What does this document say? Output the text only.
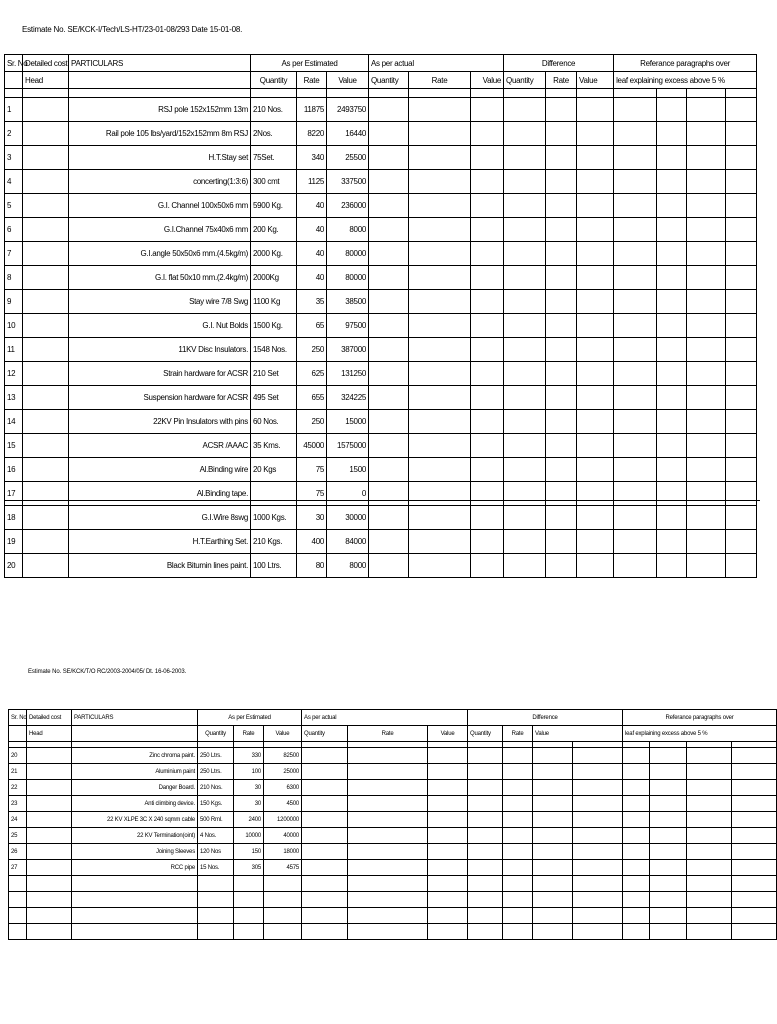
Estimate No. SE/KCK-I/Tech/LS-HT/23-01-08/293 Date 15-01-08.
Sr. No	Detailed cost	PARTICULARS	As per Estimated			As per actual			Difference			Referance paragraphs over			
	Head		Quantity	Rate	Value	Quantity	Rate	Value	Quantity	Rate	Value	leaf explaining excess above 5 %			

1		RSJ pole 152x152mm 13m	210 Nos.	11875	2493750										
2		Rail pole 105 lbs/yard/152x152mm 8m RSJ	2Nos.	8220	16440										
3		H.T.Stay set	75Set.	340	25500										
4		concerting(1:3:6)	300 cmt	1125	337500										
5		G.I. Channel 100x50x6 mm	5900 Kg.	40	236000										
6		G.I.Channel 75x40x6 mm	200 Kg.	40	8000										
7		G.I.angle 50x50x6 mm.(4.5kg/m)	2000 Kg.	40	80000										
8		G.I. flat 50x10 mm.(2.4kg/m)	2000Kg	40	80000										
9		Stay wire 7/8 Swg	1100 Kg	35	38500										
10		G.I. Nut Bolds	1500 Kg.	65	97500										
11		11KV Disc Insulators.	1548 Nos.	250	387000										
12		Strain hardware for ACSR	210 Set	625	131250										
13		Suspension hardware for ACSR	495 Set	655	324225										
14		22KV Pin Insulators with pins	60 Nos.	250	15000										
15		ACSR /AAAC	35 Kms.	45000	1575000										
16		Al.Binding wire	20 Kgs	75	1500										
17		Al.Binding tape.		75	0										
18		G.I.Wire 8swg	1000 Kgs.	30	30000										
19		H.T.Earthing Set.	210 Kgs.	400	84000										
20		Black Bitumin lines paint.	100 Ltrs.	80	8000										
Estimate No. SE/KCK/T/O RC/2003-2004/05/ Dt. 16-06-2003.
Sr. No	Detailed cost	PARTICULARS	As per Estimated			As per actual			Difference				Referance paragraphs over			
	Head		Quantity	Rate	Value	Quantity	Rate	Value	Quantity	Rate	Value		leaf explaining excess above 5 %			

20		Zinc chroma paint.	250 Ltrs.	330	82500											
21		Aluminium paint	250 Ltrs.	100	25000											
22		Danger Board.	210 Nos.	30	6300											
23		Anti climbing device.	150 Kgs.	30	4500											
24		22 KV XLPE 3C X 240 sqmm cable	500 Rml.	2400	1200000											
25		22 KV Termination(oint)	4 Nos.	10000	40000											
26		Joining Sleeves	120 Nos	150	18000											
27		RCC pipe	15 Nos.	305	4575											
